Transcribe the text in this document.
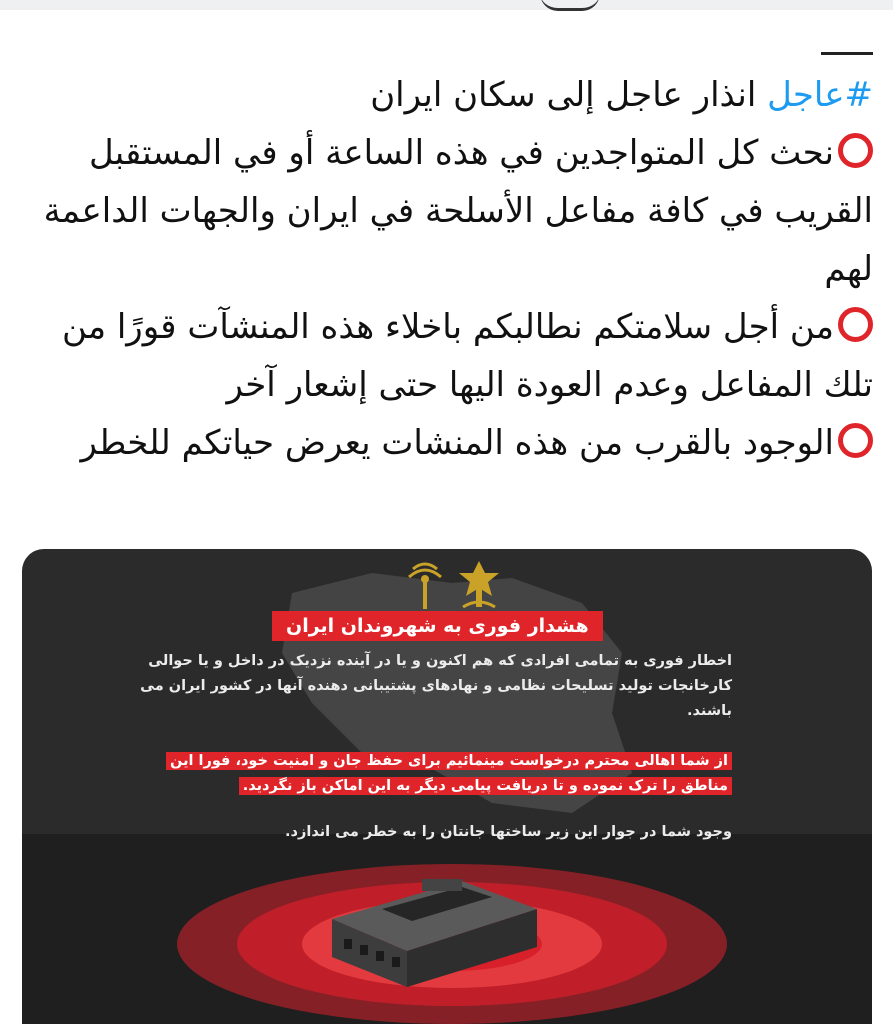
#عاجل انذار عاجل إلى سكان ايران

نحث كل المتواجدين في هذه الساعة أو في المستقبل القريب في كافة مفاعل الأسلحة في ايران والجهات الداعمة لهم

من أجل سلامتكم نطالبكم باخلاء هذه المنشآت قورًا من تلك المفاعل وعدم العودة اليها حتى إشعار آخر

الوجود بالقرب من هذه المنشات يعرض حياتكم للخطر

هشدار فوری به شهروندان ایران
اخطار فوری به تمامی افرادی که هم اکنون و یا در آینده نزدیک در داخل و یا حوالی کارخانجات تولید تسلیحات نظامی و نهادهای پشتیبانی دهنده آنها در کشور ایران می باشند.
از شما اهالی محترم درخواست مینمائیم برای حفظ جان و امنیت خود، فورا این مناطق را ترک نموده و تا دریافت پیامی دیگر به این اماکن باز نگردید.
وجود شما در جوار این زیر ساختها جانتان را به خطر می اندازد.
